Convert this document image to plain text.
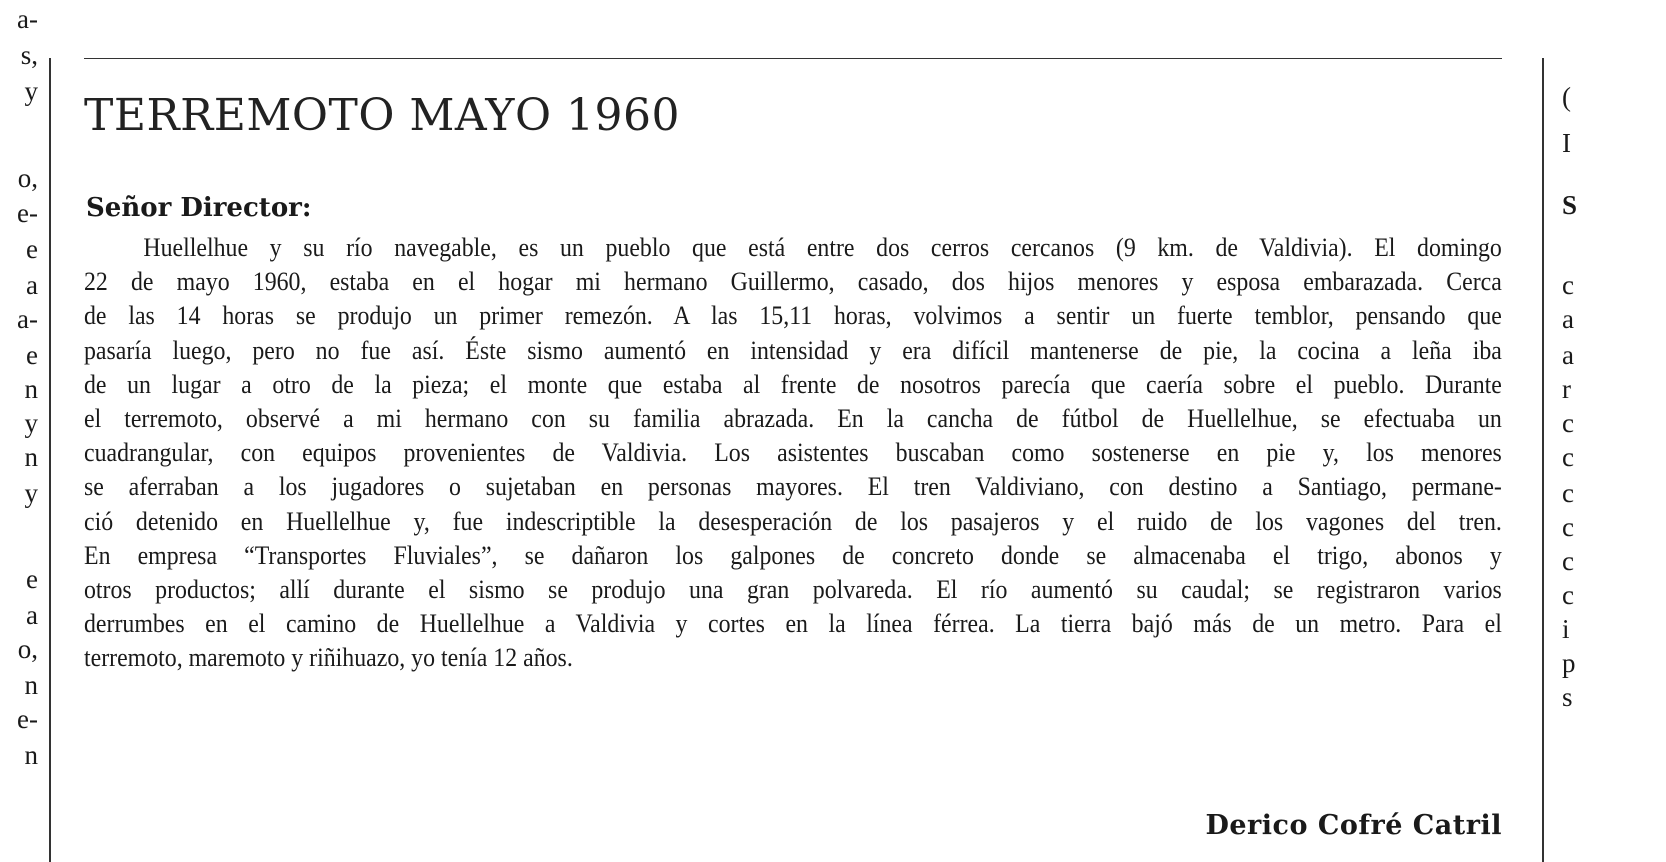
a-
s,
y
o,
e-
e
a
a-
e
n
y
n
y
e
a
o,
n
e-
n
TERREMOTO MAYO 1960
Señor Director:
Huellelhue y su río navegable, es un pueblo que está entre dos cerros cercanos (9 km. de Valdivia). El domingo
22 de mayo 1960, estaba en el hogar mi hermano Guillermo, casado, dos hijos menores y esposa embarazada. Cerca
de las 14 horas se produjo un primer remezón. A las 15,11 horas, volvimos a sentir un fuerte temblor, pensando que
pasaría luego, pero no fue así. Éste sismo aumentó en intensidad y era difícil mantenerse de pie, la cocina a leña iba
de un lugar a otro de la pieza; el monte que estaba al frente de nosotros parecía que caería sobre el pueblo. Durante
el terremoto, observé a mi hermano con su familia abrazada. En la cancha de fútbol de Huellelhue, se efectuaba un
cuadrangular, con equipos provenientes de Valdivia. Los asistentes buscaban como sostenerse en pie y, los menores
se aferraban a los jugadores o sujetaban en personas mayores. El tren Valdiviano, con destino a Santiago, permane-
ció detenido en Huellelhue y, fue indescriptible la desesperación de los pasajeros y el ruido de los vagones del tren.
En empresa “Transportes Fluviales”, se dañaron los galpones de concreto donde se almacenaba el trigo, abonos y
otros productos; allí durante el sismo se produjo una gran polvareda. El río aumentó su caudal; se registraron varios
derrumbes en el camino de Huellelhue a Valdivia y cortes en la línea férrea. La tierra bajó más de un metro. Para el
terremoto, maremoto y riñihuazo, yo tenía 12 años.

Derico Cofré Catril

(
I
S
c
a
a
r
c
c
c
c
c
c
i
p
s
